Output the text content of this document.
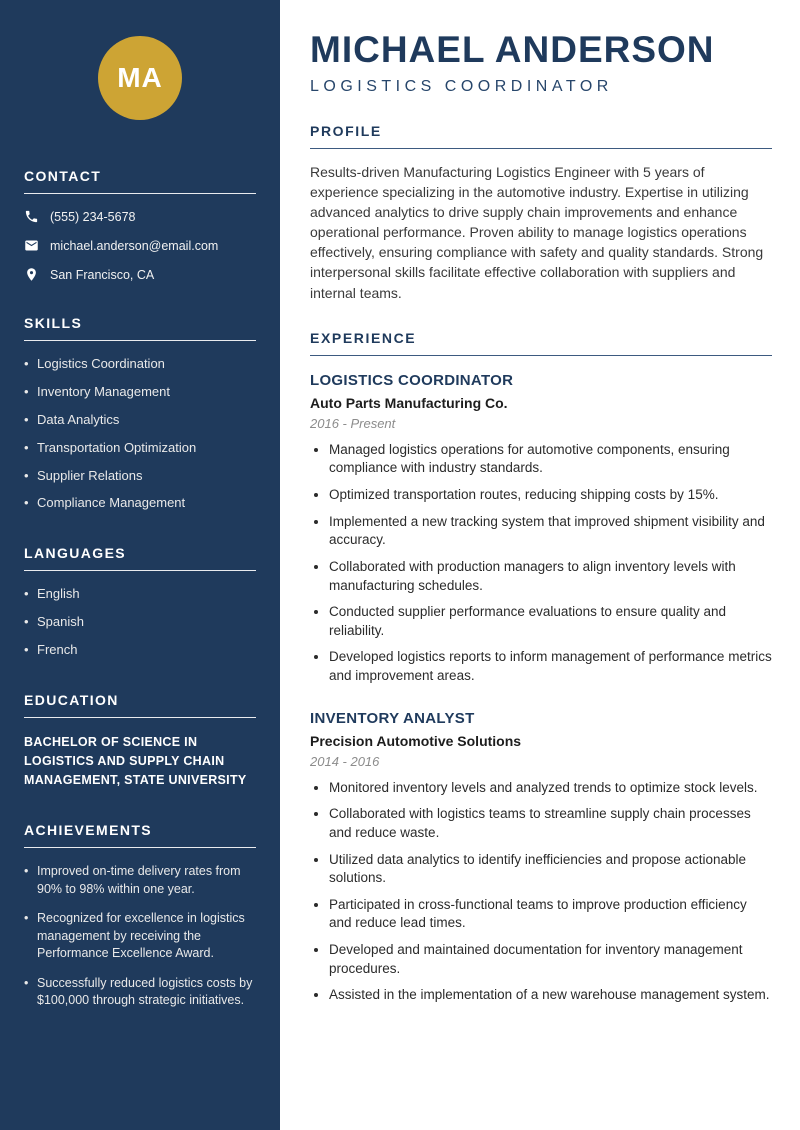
MA
CONTACT
(555) 234-5678
michael.anderson@email.com
San Francisco, CA
SKILLS
• Logistics Coordination
• Inventory Management
• Data Analytics
• Transportation Optimization
• Supplier Relations
• Compliance Management
LANGUAGES
• English
• Spanish
• French
EDUCATION
BACHELOR OF SCIENCE IN LOGISTICS AND SUPPLY CHAIN MANAGEMENT, STATE UNIVERSITY
ACHIEVEMENTS
• Improved on-time delivery rates from 90% to 98% within one year.
• Recognized for excellence in logistics management by receiving the Performance Excellence Award.
• Successfully reduced logistics costs by $100,000 through strategic initiatives.
MICHAEL ANDERSON
LOGISTICS COORDINATOR
PROFILE

Results-driven Manufacturing Logistics Engineer with 5 years of experience specializing in the automotive industry. Expertise in utilizing advanced analytics to drive supply chain improvements and enhance operational performance. Proven ability to manage logistics operations effectively, ensuring compliance with safety and quality standards. Strong interpersonal skills facilitate effective collaboration with suppliers and internal teams.

EXPERIENCE
LOGISTICS COORDINATOR
Auto Parts Manufacturing Co.
2016 - Present
• Managed logistics operations for automotive components, ensuring compliance with industry standards.
• Optimized transportation routes, reducing shipping costs by 15%.
• Implemented a new tracking system that improved shipment visibility and accuracy.
• Collaborated with production managers to align inventory levels with manufacturing schedules.
• Conducted supplier performance evaluations to ensure quality and reliability.
• Developed logistics reports to inform management of performance metrics and improvement areas.
INVENTORY ANALYST
Precision Automotive Solutions
2014 - 2016
• Monitored inventory levels and analyzed trends to optimize stock levels.
• Collaborated with logistics teams to streamline supply chain processes and reduce waste.
• Utilized data analytics to identify inefficiencies and propose actionable solutions.
• Participated in cross-functional teams to improve production efficiency and reduce lead times.
• Developed and maintained documentation for inventory management procedures.
• Assisted in the implementation of a new warehouse management system.
